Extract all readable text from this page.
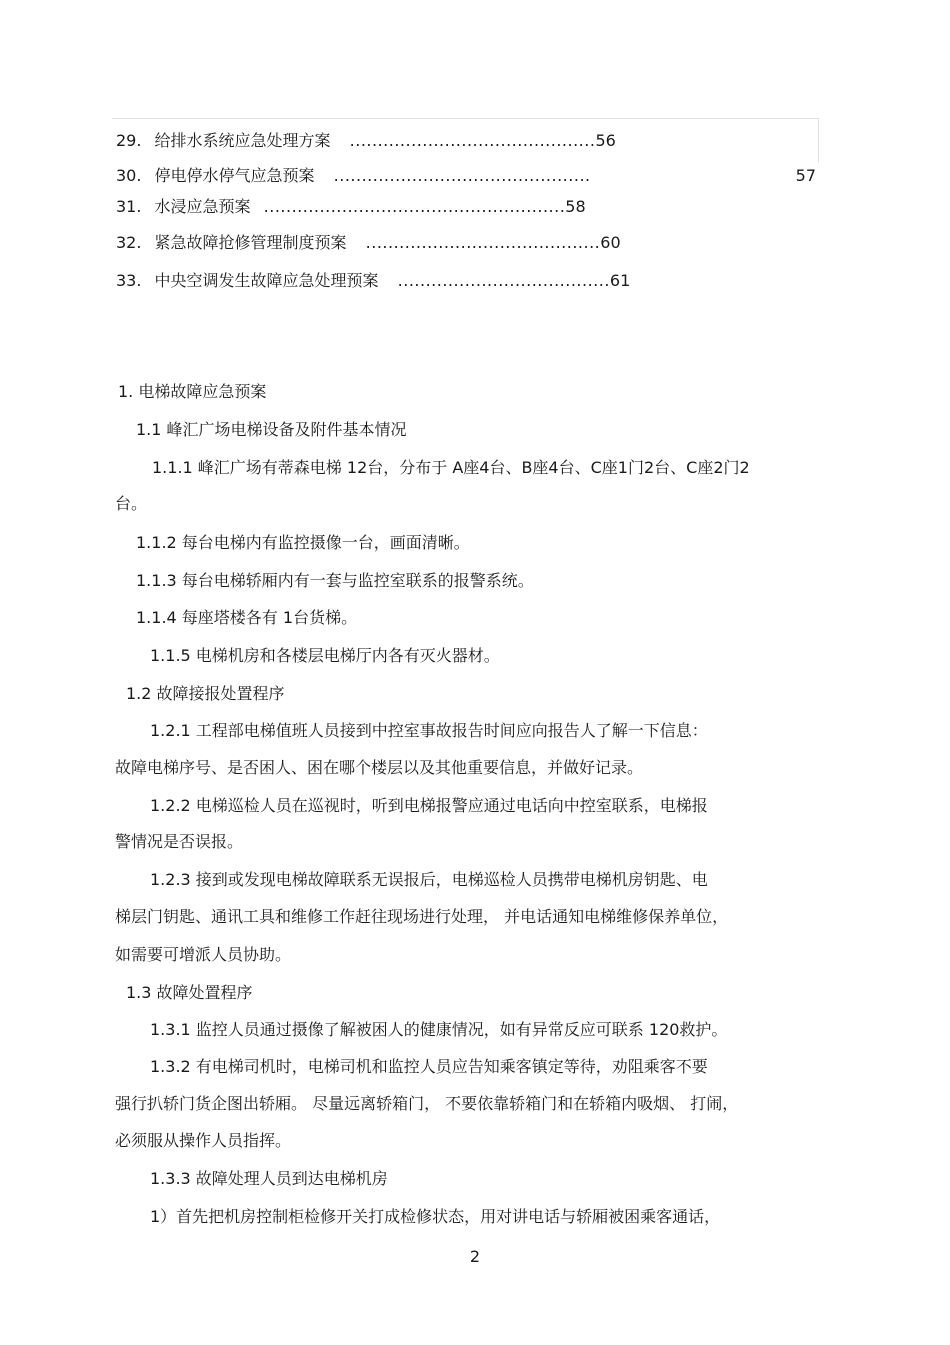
29. 给排水系统应急处理方案 ............................................56
30. 停电停水停气应急预案 ..............................................	57
31. 水浸应急预案 ......................................................58
32. 紧急故障抢修管理制度预案 ..........................................60
33. 中央空调发生故障应急处理预案 ......................................61
1. 电梯故障应急预案
1.1 峰汇广场电梯设备及附件基本情况
1.1.1 峰汇广场有蒂森电梯 12台，分布于 A座4台、B座4台、C座1门2台、C座2门2
台。
1.1.2 每台电梯内有监控摄像一台，画面清晰。
1.1.3 每台电梯轿厢内有一套与监控室联系的报警系统。
1.1.4 每座塔楼各有 1台货梯。
1.1.5 电梯机房和各楼层电梯厅内各有灭火器材。
1.2 故障接报处置程序
1.2.1 工程部电梯值班人员接到中控室事故报告时间应向报告人了解一下信息：
故障电梯序号、是否困人、困在哪个楼层以及其他重要信息，并做好记录。
1.2.2 电梯巡检人员在巡视时，听到电梯报警应通过电话向中控室联系，电梯报
警情况是否误报。
1.2.3 接到或发现电梯故障联系无误报后，电梯巡检人员携带电梯机房钥匙、电
梯层门钥匙、通讯工具和维修工作赶往现场进行处理， 并电话通知电梯维修保养单位，
如需要可增派人员协助。
1.3 故障处置程序
1.3.1 监控人员通过摄像了解被困人的健康情况，如有异常反应可联系 120救护。
1.3.2 有电梯司机时，电梯司机和监控人员应告知乘客镇定等待，劝阻乘客不要
强行扒轿门货企图出轿厢。 尽量远离轿箱门， 不要依靠轿箱门和在轿箱内吸烟、 打闹，
必须服从操作人员指挥。
1.3.3 故障处理人员到达电梯机房
1）首先把机房控制柜检修开关打成检修状态，用对讲电话与轿厢被困乘客通话，
2
